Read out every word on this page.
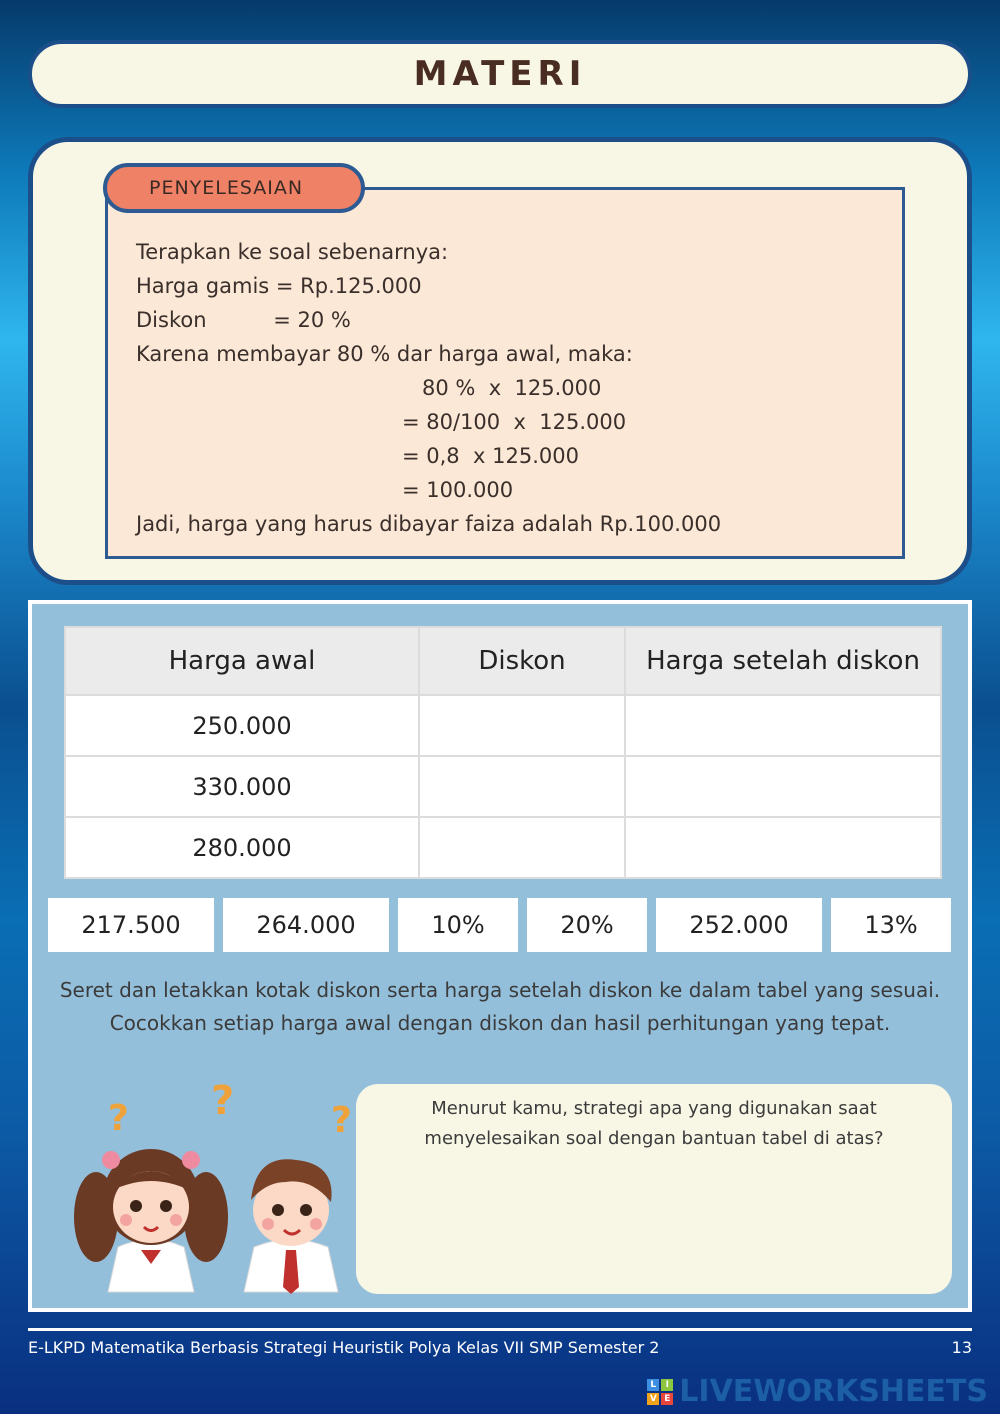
MATERI
Terapkan ke soal sebenarnya:
Harga gamis = Rp.125.000
Diskon          = 20 %
Karena membayar 80 % dar harga awal, maka:
80 %  x  125.000
= 80/100  x  125.000
= 0,8  x 125.000
= 100.000
Jadi, harga yang harus dibayar faiza adalah Rp.100.000
PENYELESAIAN
Harga awal	Diskon	Harga setelah diskon
250.000		
330.000		
280.000		
217.500	264.000	10%	20%	252.000	13%
Seret dan letakkan kotak diskon serta harga setelah diskon ke dalam tabel yang sesuai. Cocokkan setiap harga awal dengan diskon dan hasil perhitungan yang tepat.
? ?	?	Menurut kamu, strategi apa yang digunakan saat menyelesaikan soal dengan bantuan tabel di atas?
E-LKPD Matematika Berbasis Strategi Heuristik Polya Kelas VII SMP Semester 2	13
L	I
V E LIVEWORKSHEETS
